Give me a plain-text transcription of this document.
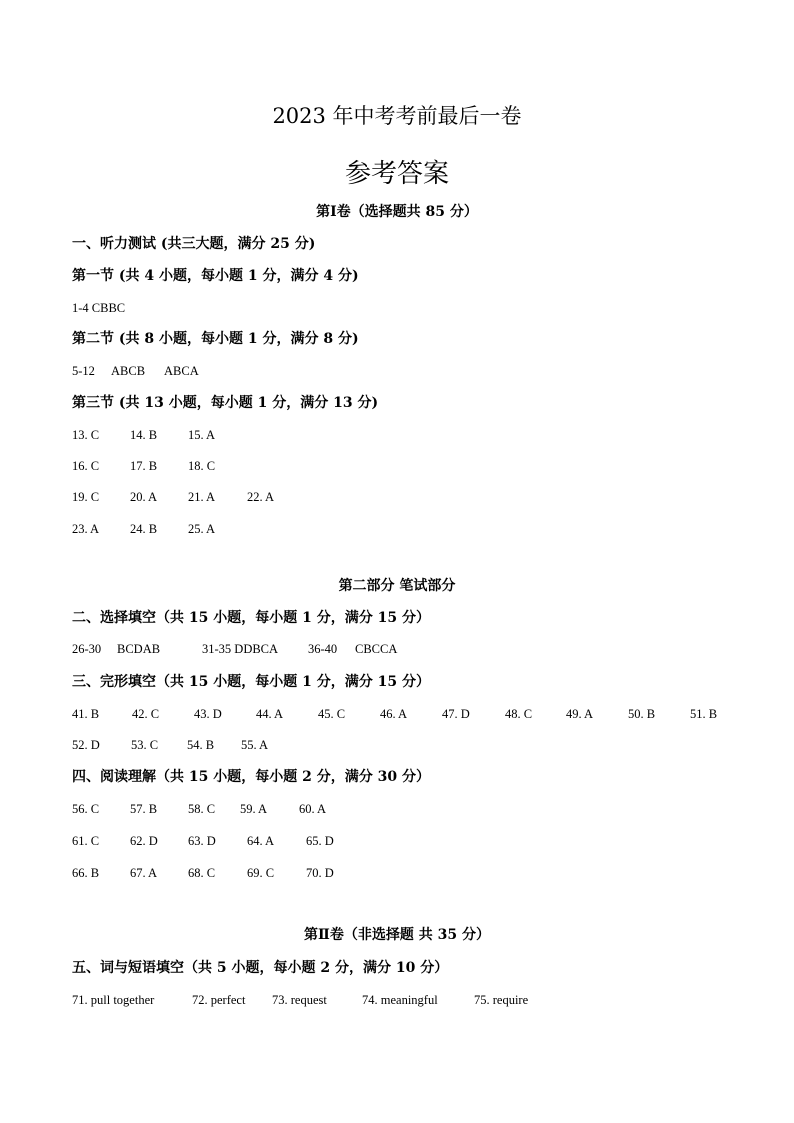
2023 年中考考前最后一卷
参考答案
第Ⅰ卷（选择题共 85 分）
一、听力测试 (共三大题，满分 25 分)
第一节 (共 4 小题，每小题 1 分，满分 4 分)
1-4 CBBC
第二节 (共 8 小题，每小题 1 分，满分 8 分)
5-12 ABCB ABCA
第三节 (共 13 小题，每小题 1 分，满分 13 分)
13. C 14. B 15. A
16. C 17. B 18. C
19. C 20. A 21. A	22. A
23. A 24. B 25. A
第二部分 笔试部分
二、选择填空（共 15 小题，每小题 1 分，满分 15 分）
26-30 BCDAB	31-35 DDBCA 36-40 CBCCA
三、完形填空（共 15 小题，每小题 1 分，满分 15 分）
41. B	42. C	43. D	44. A	45. C	46. A	47. D	48. C	49. A	50. B	51. B
52. D 53. C 54. B 55. A
四、阅读理解（共 15 小题，每小题 2 分，满分 30 分）
56. C 57. B 58. C 59. A	60. A
61. C 62. D 63. D 64. A	65. D
66. B 67. A 68. C	69. C	70. D
第Ⅱ卷（非选择题 共 35 分）
五、词与短语填空（共 5 小题，每小题 2 分，满分 10 分）
71. pull together	72. perfect 73. request	74. meaningful	75. require
